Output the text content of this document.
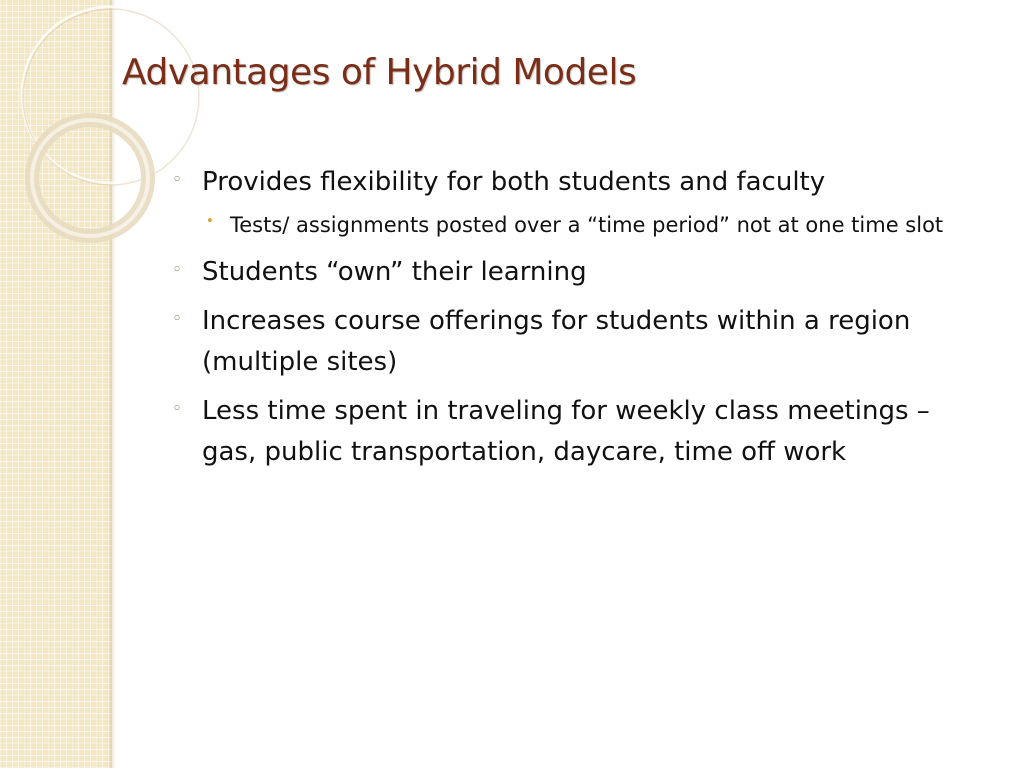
Advantages of Hybrid Models
◦ Provides flexibility for both students and faculty
• Tests/ assignments posted over a “time period” not at one time slot
◦ Students “own” their learning
◦ Increases course offerings for students within a region (multiple sites)
◦ Less time spent in traveling for weekly class meetings – gas, public transportation, daycare, time off work
